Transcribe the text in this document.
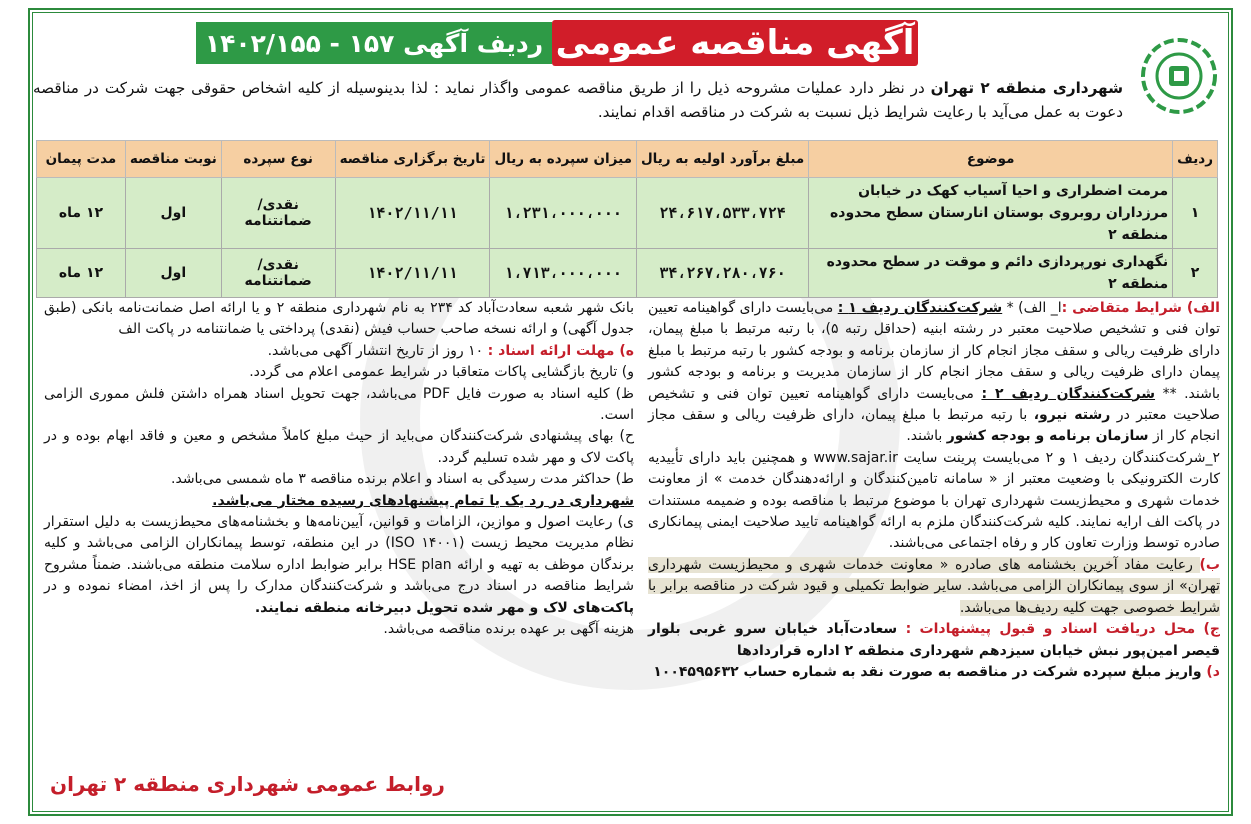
آگهی مناقصه عمومی
ردیف آگهی ۱۵۷ - ۱۴۰۲/۱۵۵
شهرداری منطقه ۲ تهران در نظر دارد عملیات مشروحه ذیل را از طریق مناقصه عمومی واگذار نماید : لذا بدینوسیله از کلیه اشخاص حقوقی جهت شرکت در مناقصه دعوت به عمل می‌آید با رعایت شرایط ذیل نسبت به شرکت در مناقصه اقدام نمایند.
ردیف	موضوع	مبلغ برآورد اولیه به ریال	میزان سپرده به ریال	تاریخ برگزاری مناقصه	نوع سپرده	نوبت مناقصه	مدت پیمان
۱	مرمت اضطراری و احیا آسیاب کهک در خیابان مرزداران روبروی بوستان انارستان سطح محدوده منطقه ۲	۲۴،۶۱۷،۵۳۳،۷۲۴	۱،۲۳۱،۰۰۰،۰۰۰	۱۴۰۲/۱۱/۱۱	نقدی/ضمانتنامه	اول	۱۲ ماه
۲	نگهداری نورپردازی دائم و موقت در سطح محدوده منطقه ۲	۳۴،۲۶۷،۲۸۰،۷۶۰	۱،۷۱۳،۰۰۰،۰۰۰	۱۴۰۲/۱۱/۱۱	نقدی/ضمانتنامه	اول	۱۲ ماه

الف) شرایط متقاضی :ا_ الف) * شرکت‌کنندگان ردیف ۱ : می‌بایست دارای گواهینامه تعیین توان فنی و تشخیص صلاحیت معتبر در رشته ابنیه (حداقل رتبه ۵)، با رتبه مرتبط با مبلغ پیمان، دارای ظرفیت ریالی و سقف مجاز انجام کار از سازمان برنامه و بودجه کشور با رتبه مرتبط با مبلغ پیمان دارای ظرفیت ریالی و سقف مجاز انجام کار از سازمان مدیریت و برنامه و بودجه کشور باشند. ** شرکت‌کنندگان ردیف ۲ : می‌بایست دارای گواهینامه تعیین توان فنی و تشخیص صلاحیت معتبر در رشته نیرو، با رتبه مرتبط با مبلغ پیمان، دارای ظرفیت ریالی و سقف مجاز انجام کار از سازمان برنامه و بودجه کشور باشند.

۲_شرکت‌کنندگان ردیف ۱ و ۲ می‌بایست پرینت سایت www.sajar.ir و همچنین باید دارای تأییدیه کارت الکترونیکی با وضعیت معتبر از « سامانه تامین‌کنندگان و ارائه‌دهندگان خدمت » از معاونت خدمات شهری و محیط‌زیست شهرداری تهران با موضوع مرتبط با مناقصه بوده و ضمیمه مستندات در پاکت الف ارایه نمایند. کلیه شرکت‌کنندگان ملزم به ارائه گواهینامه تایید صلاحیت ایمنی پیمانکاری صادره توسط وزارت تعاون کار و رفاه اجتماعی می‌باشند.

ب) رعایت مفاد آخرین بخشنامه های صادره « معاونت خدمات شهری و محیط‌زیست شهرداری تهران» از سوی پیمانکاران الزامی می‌باشد. سایر ضوابط تکمیلی و قیود شرکت در مناقصه برابر با شرایط خصوصی جهت کلیه ردیف‌ها می‌باشد.

ج) محل دریافت اسناد و قبول پیشنهادات : سعادت‌آباد خیابان سرو غربی بلوار قیصر امین‌پور نبش خیابان سیزدهم شهرداری منطقه ۲ اداره قراردادها

د) واریز مبلغ سپرده شرکت در مناقصه به صورت نقد به شماره حساب ۱۰۰۴۵۹۵۶۳۲

بانک شهر شعبه سعادت‌آباد کد ۲۳۴ به نام شهرداری منطقه ۲ و یا ارائه اصل ضمانت‌نامه بانکی (طبق جدول آگهی) و ارائه نسخه صاحب حساب فیش (نقدی) پرداختی یا ضمانتنامه در پاکت الف

ه) مهلت ارائه اسناد : ۱۰ روز از تاریخ انتشار آگهی می‌باشد.

و) تاریخ بازگشایی پاکات متعاقبا در شرایط عمومی اعلام می گردد.

ظ) کلیه اسناد به صورت فایل PDF می‌باشد، جهت تحویل اسناد همراه داشتن فلش مموری الزامی است.

ح) بهای پیشنهادی شرکت‌کنندگان می‌باید از حیث مبلغ کاملاً مشخص و معین و فاقد ابهام بوده و در پاکت لاک و مهر شده تسلیم گردد.

ط) حداکثر مدت رسیدگی به اسناد و اعلام برنده مناقصه ۳ ماه شمسی می‌باشد.

شهرداری در رد یک یا تمام پیشنهادهای رسیده مختار می‌باشد.

ی) رعایت اصول و موازین، الزامات و قوانین، آیین‌نامه‌ها و بخشنامه‌های محیط‌زیست به دلیل استقرار نظام مدیریت محیط زیست (ISO ۱۴۰۰۱) در این منطقه، توسط پیمانکاران الزامی می‌باشد و کلیه برندگان موظف به تهیه و ارائه HSE plan برابر ضوابط اداره سلامت منطقه می‌باشند. ضمناً مشروح شرایط مناقصه در اسناد درج می‌باشد و شرکت‌کنندگان مدارک را پس از اخذ، امضاء نموده و در پاکت‌های لاک و مهر شده تحویل دبیرخانه منطقه نمایند.

هزینه آگهی بر عهده برنده مناقصه می‌باشد.

روابط عمومی شهرداری منطقه ۲ تهران
